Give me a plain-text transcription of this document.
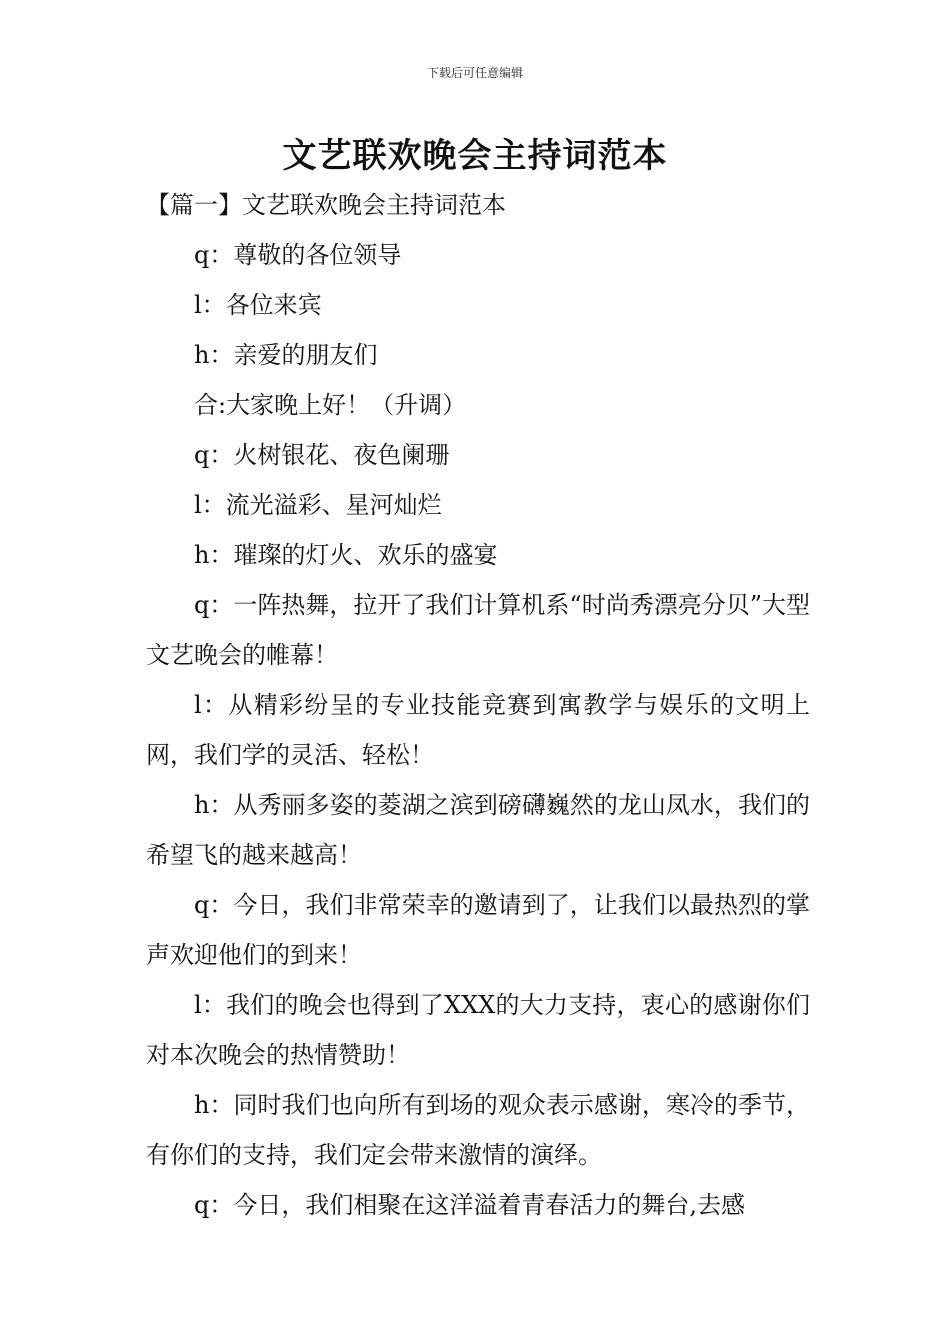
下载后可任意编辑
文艺联欢晚会主持词范本

【篇一】文艺联欢晚会主持词范本

q：尊敬的各位领导

l：各位来宾

h：亲爱的朋友们

合:大家晚上好！（升调）

q：火树银花、夜色阑珊

l：流光溢彩、星河灿烂

h：璀璨的灯火、欢乐的盛宴

q：一阵热舞，拉开了我们计算机系“时尚秀漂亮分贝”大型文艺晚会的帷幕！

l：从精彩纷呈的专业技能竞赛到寓教学与娱乐的文明上网，我们学的灵活、轻松！

h：从秀丽多姿的菱湖之滨到磅礴巍然的龙山凤水，我们的希望飞的越来越高！

q：今日，我们非常荣幸的邀请到了，让我们以最热烈的掌声欢迎他们的到来！

l：我们的晚会也得到了XXX的大力支持，衷心的感谢你们对本次晚会的热情赞助！

h：同时我们也向所有到场的观众表示感谢，寒冷的季节，有你们的支持，我们定会带来激情的演绎。

q：今日，我们相聚在这洋溢着青春活力的舞台,去感
